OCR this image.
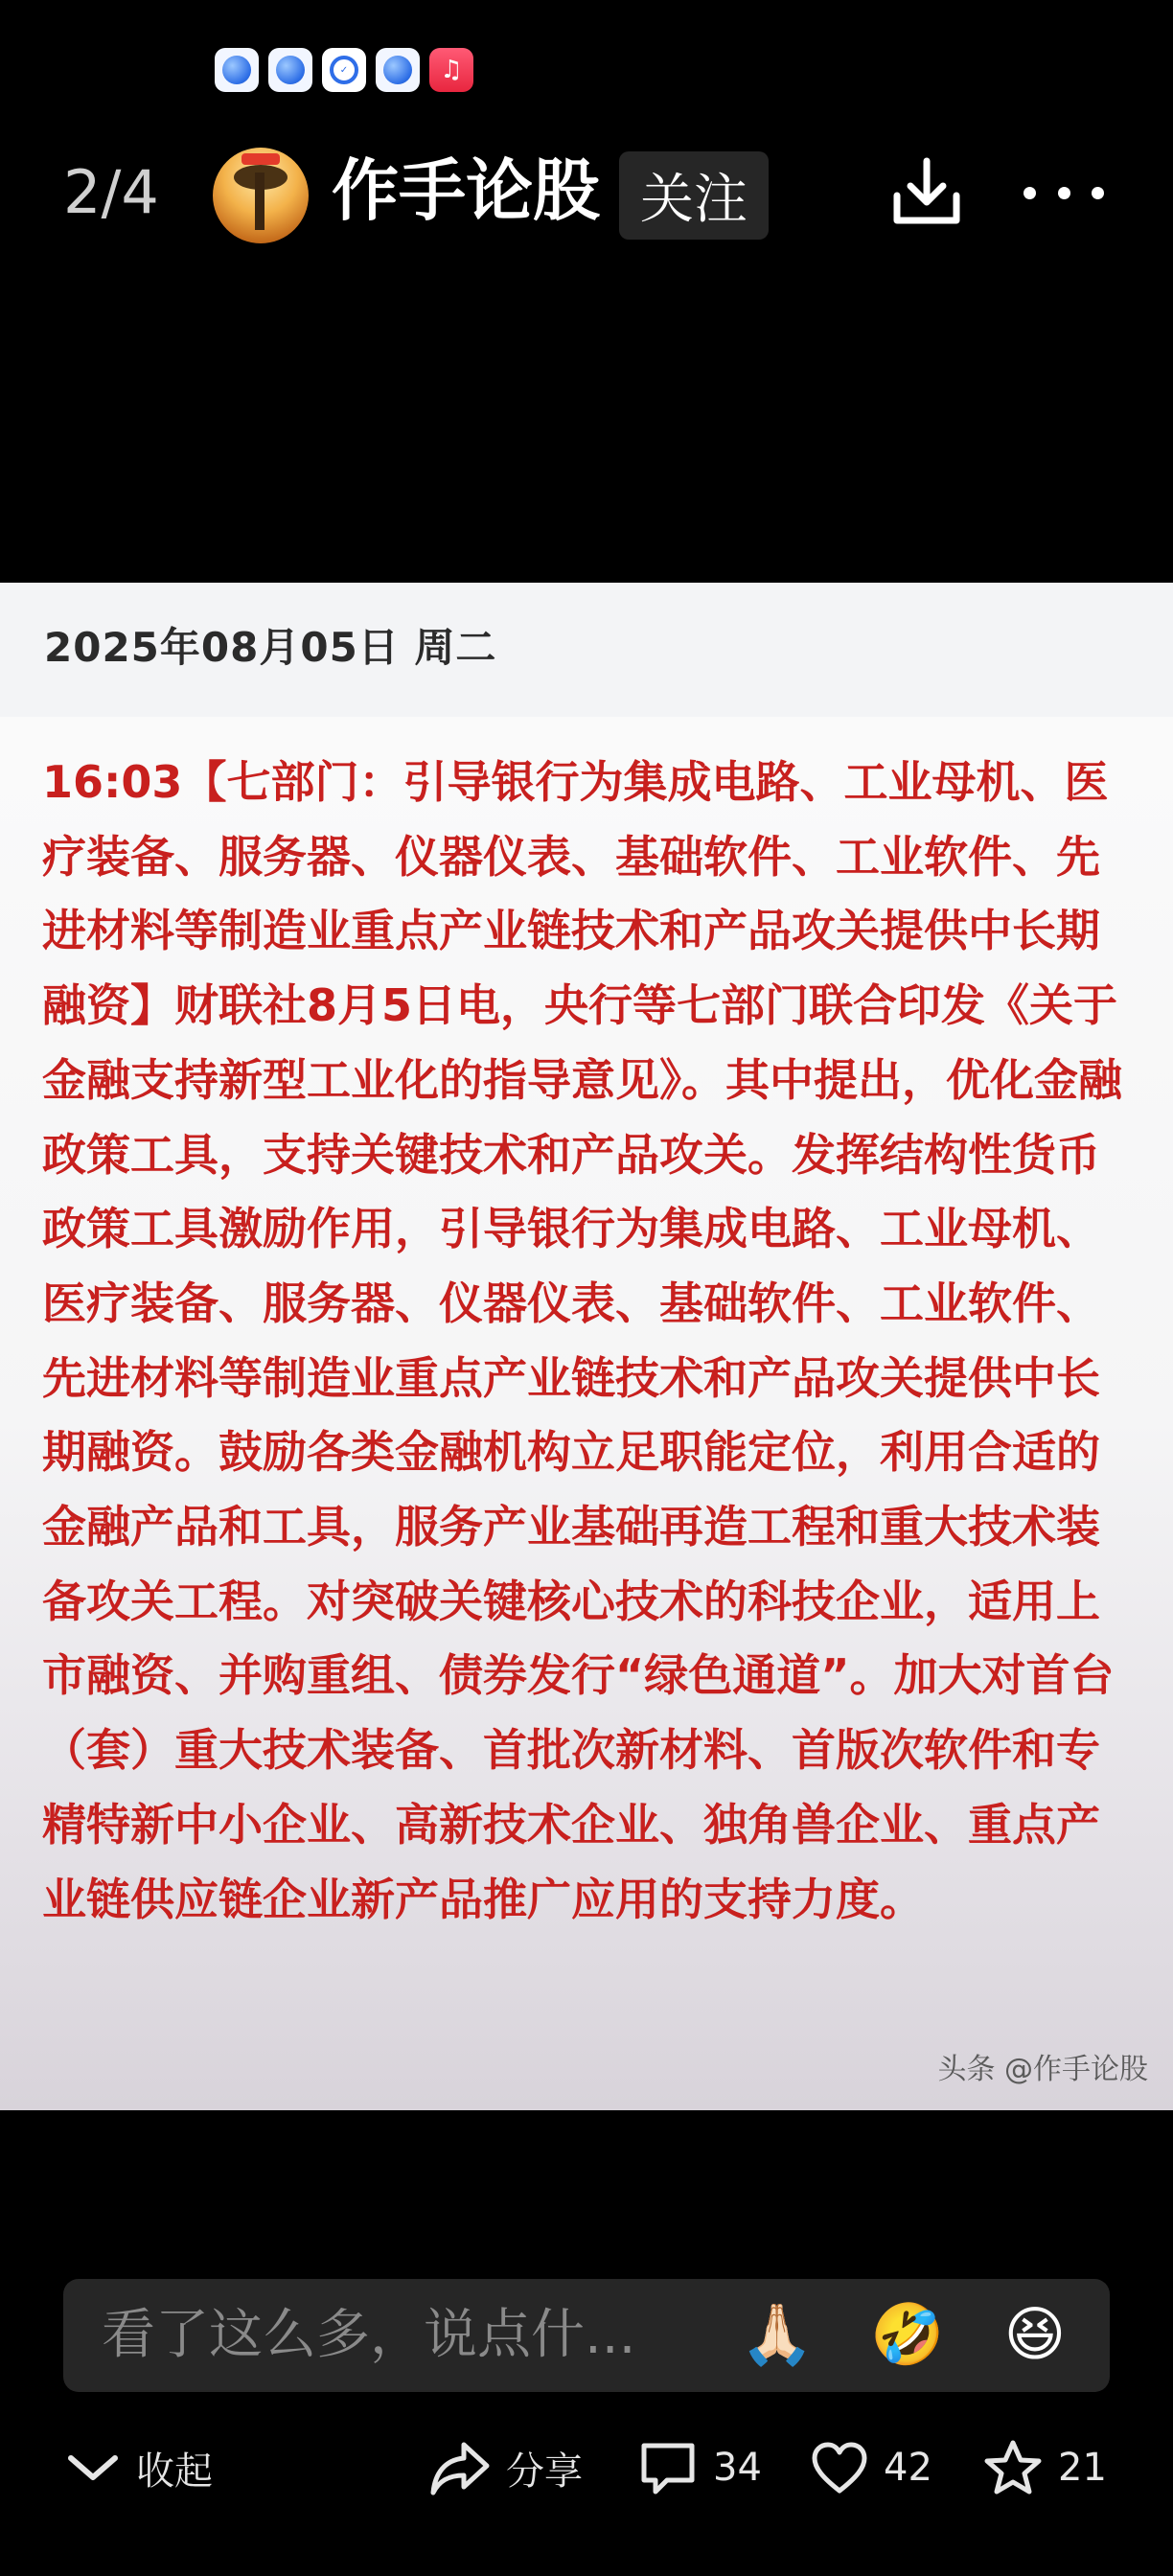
✓	♫
2/4	作手论股 关注
2025年08月05日 周二
16:03【七部门：引导银行为集成电路、工业母机、医疗装备、服务器、仪器仪表、基础软件、工业软件、先进材料等制造业重点产业链技术和产品攻关提供中长期融资】财联社8月5日电，央行等七部门联合印发《关于金融支持新型工业化的指导意见》。其中提出，优化金融政策工具，支持关键技术和产品攻关。发挥结构性货币政策工具激励作用，引导银行为集成电路、工业母机、医疗装备、服务器、仪器仪表、基础软件、工业软件、先进材料等制造业重点产业链技术和产品攻关提供中长期融资。鼓励各类金融机构立足职能定位，利用合适的金融产品和工具，服务产业基础再造工程和重大技术装备攻关工程。对突破关键核心技术的科技企业，适用上市融资、并购重组、债券发行“绿色通道”。加大对首台（套）重大技术装备、首批次新材料、首版次软件和专精特新中小企业、高新技术企业、独角兽企业、重点产业链供应链企业新产品推广应用的支持力度。
头条 @作手论股
看了这么多，说点什...	🙏🏻 🤣 😆
收起	分享	34	42	21
